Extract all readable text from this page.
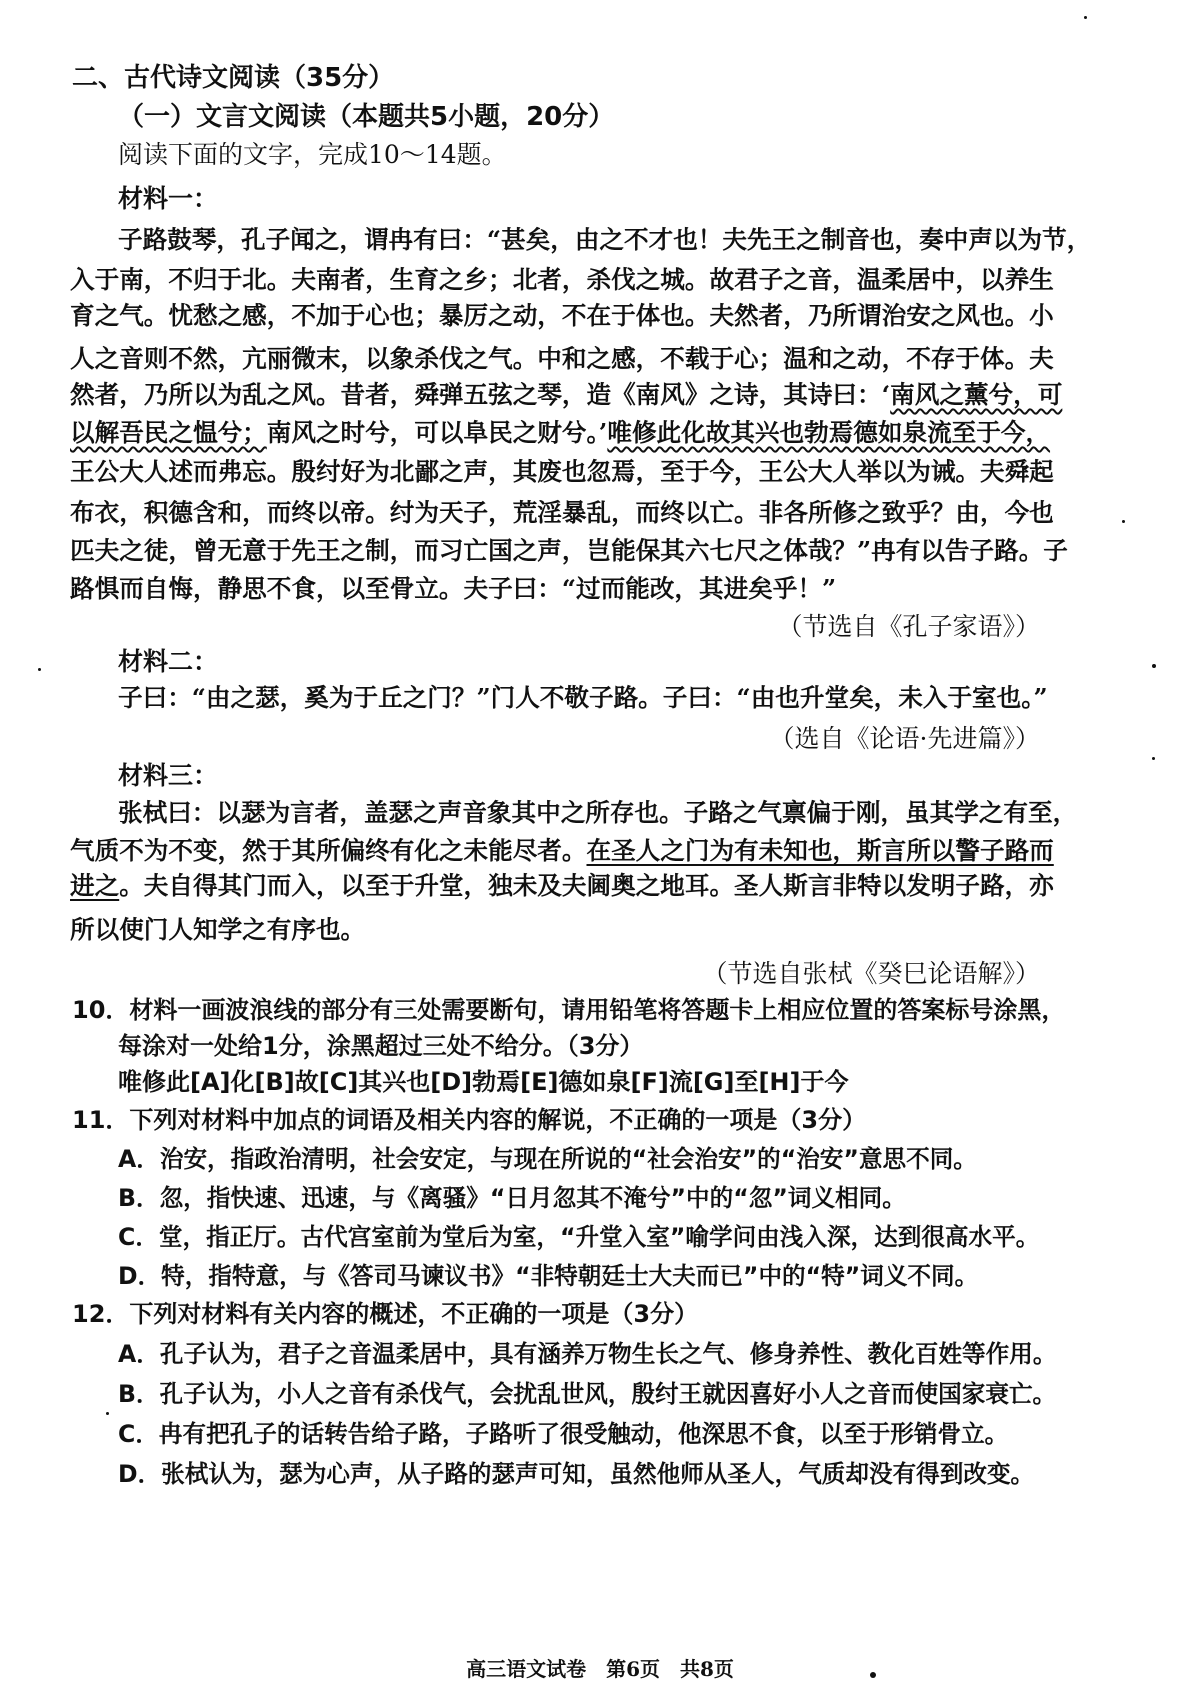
二、古代诗文阅读（35分）
（一）文言文阅读（本题共5小题，20分）
阅读下面的文字，完成10～14题。
材料一：
子路鼓琴，孔子闻之，谓冉有曰：“甚矣，由之不才也！夫先王之制音也，奏中声以为节，
入于南，不归于北。夫南者，生育之乡；北者，杀伐之城。故君子之音，温柔居中，以养生
育之气。忧愁之感，不加于心也；暴厉之动，不在于体也。夫然者，乃所谓治安之风也。小
人之音则不然，亢丽微末，以象杀伐之气。中和之感，不载于心；温和之动，不存于体。夫
然者，乃所以为乱之风。昔者，舜弹五弦之琴，造《南风》之诗，其诗曰：‘南风之薰兮，可
以解吾民之愠兮；南风之时兮，可以阜民之财兮。’唯修此化故其兴也勃焉德如泉流至于今，
王公大人述而弗忘。殷纣好为北鄙之声，其废也忽焉，至于今，王公大人举以为诫。夫舜起
布衣，积德含和，而终以帝。纣为天子，荒淫暴乱，而终以亡。非各所修之致乎？由，今也
匹夫之徒，曾无意于先王之制，而习亡国之声，岂能保其六七尺之体哉？”冉有以告子路。子
路惧而自悔，静思不食，以至骨立。夫子曰：“过而能改，其进矣乎！”
（节选自《孔子家语》）
材料二：
子曰：“由之瑟，奚为于丘之门？”门人不敬子路。子曰：“由也升堂矣，未入于室也。”
（选自《论语·先进篇》）
材料三：
张栻曰：以瑟为言者，盖瑟之声音象其中之所存也。子路之气禀偏于刚，虽其学之有至，
气质不为不变，然于其所偏终有化之未能尽者。在圣人之门为有未知也，斯言所以警子路而
进之。夫自得其门而入，以至于升堂，独未及夫阃奥之地耳。圣人斯言非特以发明子路，亦
所以使门人知学之有序也。
（节选自张栻《癸巳论语解》）
10．材料一画波浪线的部分有三处需要断句，请用铅笔将答题卡上相应位置的答案标号涂黑，
每涂对一处给1分，涂黑超过三处不给分。（3分）
唯修此[A]化[B]故[C]其兴也[D]勃焉[E]德如泉[F]流[G]至[H]于今
11．下列对材料中加点的词语及相关内容的解说，不正确的一项是（3分）
A．治安，指政治清明，社会安定，与现在所说的“社会治安”的“治安”意思不同。
B．忽，指快速、迅速，与《离骚》“日月忽其不淹兮”中的“忽”词义相同。
C．堂，指正厅。古代宫室前为堂后为室，“升堂入室”喻学问由浅入深，达到很高水平。
D．特，指特意，与《答司马谏议书》“非特朝廷士大夫而已”中的“特”词义不同。
12．下列对材料有关内容的概述，不正确的一项是（3分）
A．孔子认为，君子之音温柔居中，具有涵养万物生长之气、修身养性、教化百姓等作用。
B．孔子认为，小人之音有杀伐气，会扰乱世风，殷纣王就因喜好小人之音而使国家衰亡。
C．冉有把孔子的话转告给子路，子路听了很受触动，他深思不食，以至于形销骨立。
D．张栻认为，瑟为心声，从子路的瑟声可知，虽然他师从圣人，气质却没有得到改变。
高三语文试卷　第6页　共8页
